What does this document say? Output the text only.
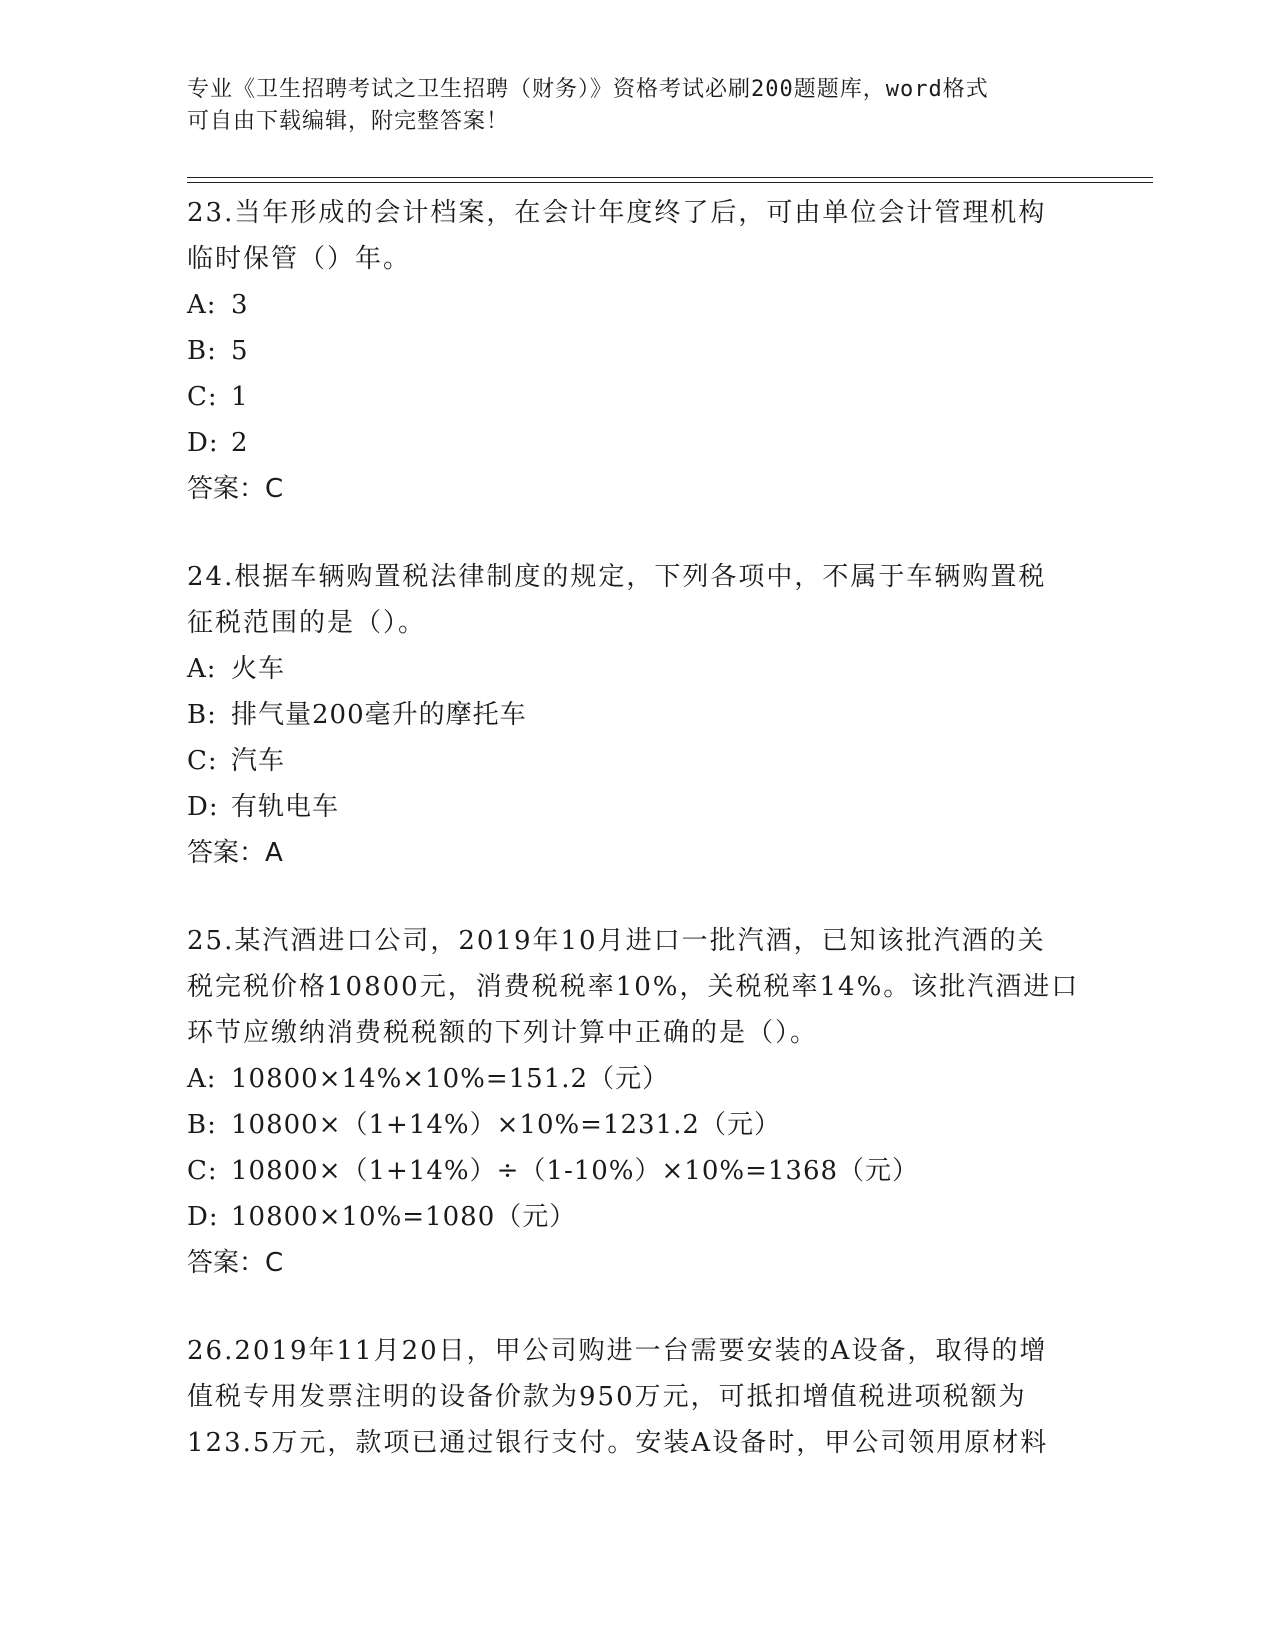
专业《卫生招聘考试之卫生招聘（财务）》资格考试必刷200题题库，word格式
可自由下载编辑，附完整答案！
23.当年形成的会计档案，在会计年度终了后，可由单位会计管理机构
临时保管（）年。
A: 3
B: 5
C: 1
D: 2
答案：C
24.根据车辆购置税法律制度的规定，下列各项中，不属于车辆购置税
征税范围的是（）。
A: 火车
B: 排气量200毫升的摩托车
C: 汽车
D: 有轨电车
答案：A
25.某汽酒进口公司，2019年10月进口一批汽酒，已知该批汽酒的关
税完税价格10800元，消费税税率10%，关税税率14%。该批汽酒进口
环节应缴纳消费税税额的下列计算中正确的是（）。
A: 10800×14%×10%=151.2（元）
B: 10800×（1+14%）×10%=1231.2（元）
C: 10800×（1+14%）÷（1-10%）×10%=1368（元）
D: 10800×10%=1080（元）
答案：C
26.2019年11月20日，甲公司购进一台需要安装的A设备，取得的增
值税专用发票注明的设备价款为950万元，可抵扣增值税进项税额为
123.5万元，款项已通过银行支付。安装A设备时，甲公司领用原材料
